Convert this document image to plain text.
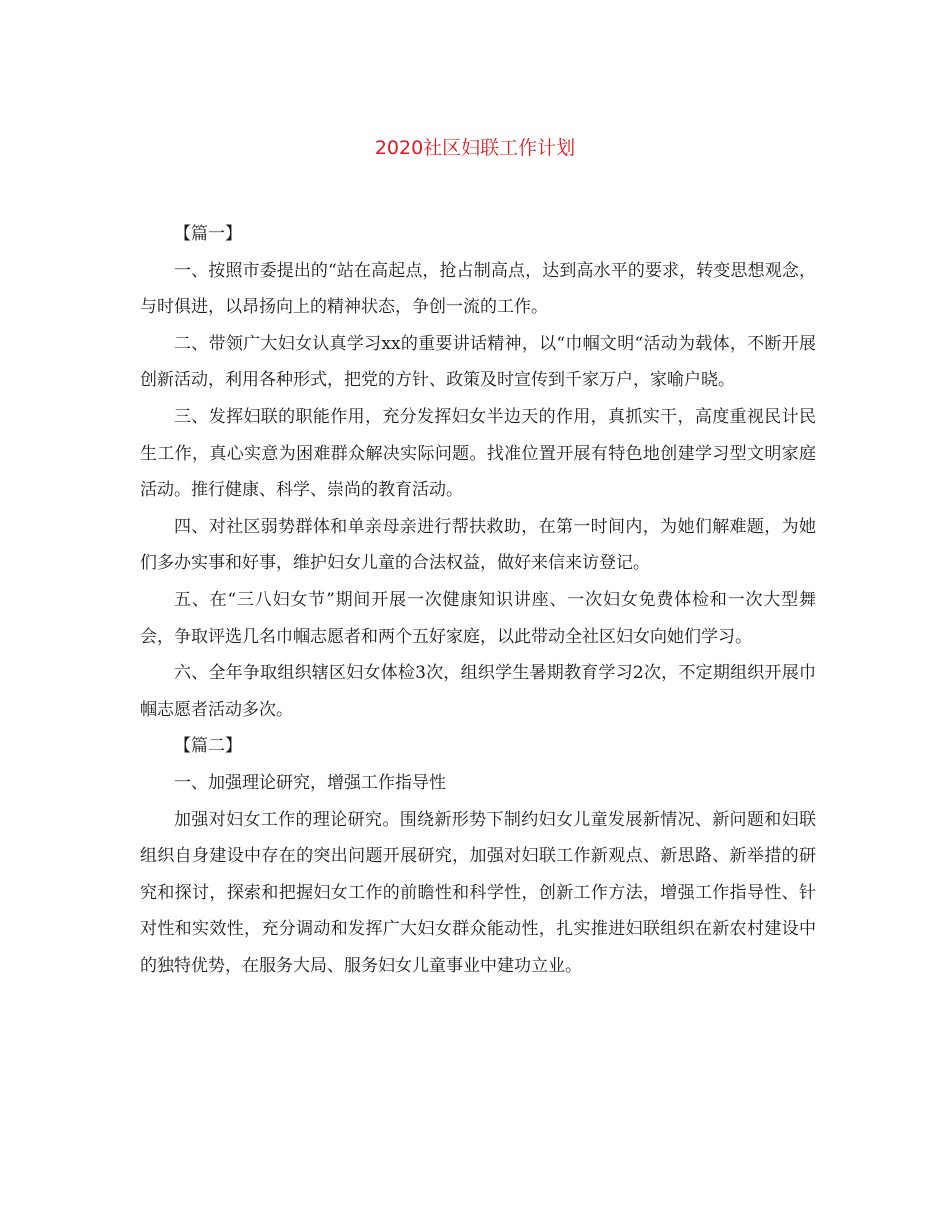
2020社区妇联工作计划

【篇一】

一、按照市委提出的“站在高起点，抢占制高点，达到高水平的要求，转变思想观念，与时俱进，以昂扬向上的精神状态，争创一流的工作。

二、带领广大妇女认真学习xx的重要讲话精神，以“巾帼文明“活动为载体，不断开展创新活动，利用各种形式，把党的方针、政策及时宣传到千家万户，家喻户晓。

三、发挥妇联的职能作用，充分发挥妇女半边天的作用，真抓实干，高度重视民计民生工作，真心实意为困难群众解决实际问题。找准位置开展有特色地创建学习型文明家庭活动。推行健康、科学、崇尚的教育活动。

四、对社区弱势群体和单亲母亲进行帮扶救助，在第一时间内，为她们解难题，为她们多办实事和好事，维护妇女儿童的合法权益，做好来信来访登记。

五、在“三八妇女节”期间开展一次健康知识讲座、一次妇女免费体检和一次大型舞会，争取评选几名巾帼志愿者和两个五好家庭，以此带动全社区妇女向她们学习。

六、全年争取组织辖区妇女体检3次，组织学生暑期教育学习2次，不定期组织开展巾帼志愿者活动多次。

【篇二】

一、加强理论研究，增强工作指导性

加强对妇女工作的理论研究。围绕新形势下制约妇女儿童发展新情况、新问题和妇联组织自身建设中存在的突出问题开展研究，加强对妇联工作新观点、新思路、新举措的研究和探讨，探索和把握妇女工作的前瞻性和科学性，创新工作方法，增强工作指导性、针对性和实效性，充分调动和发挥广大妇女群众能动性，扎实推进妇联组织在新农村建设中的独特优势，在服务大局、服务妇女儿童事业中建功立业。
